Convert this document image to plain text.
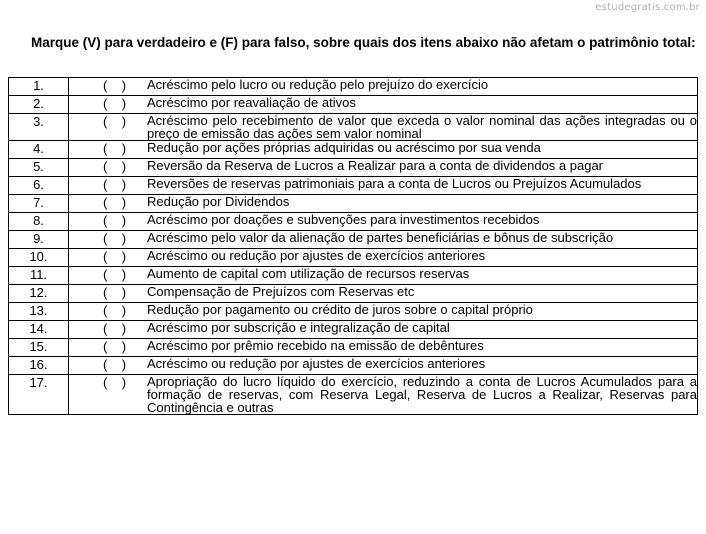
estudegratis.com.br
Marque (V) para verdadeiro e (F) para falso, sobre quais dos itens abaixo não afetam o patrimônio total:
1.	(    ) Acréscimo pelo lucro ou redução pelo prejuízo do exercício

2.	(    ) Acréscimo por reavaliação de ativos

3.	(    ) Acréscimo pelo recebimento de valor que exceda o valor nominal das ações integradas ou o preço de emissão das ações sem valor nominal

4.	(    ) Redução por ações próprias adquiridas ou acréscimo por sua venda

5.	(    ) Reversão da Reserva de Lucros a Realizar para a conta de dividendos a pagar

6.	(    ) Reversões de reservas patrimoniais para a conta de Lucros ou Prejuízos Acumulados

7.	(    ) Redução por Dividendos

8.	(    ) Acréscimo por doações e subvenções para investimentos recebidos

9.	(    ) Acréscimo pelo valor da alienação de partes beneficiárias e bônus de subscrição

10.	(    ) Acréscimo ou redução por ajustes de exercícios anteriores

11.	(    ) Aumento de capital com utilização de recursos reservas

12.	(    ) Compensação de Prejuízos com Reservas etc

13.	(    ) Redução por pagamento ou crédito de juros sobre o capital próprio

14.	(    ) Acréscimo por subscrição e integralização de capital

15.	(    ) Acréscimo por prêmio recebido na emissão de debêntures

16.	(    ) Acréscimo ou redução por ajustes de exercícios anteriores

17.	(    ) Apropriação do lucro líquido do exercício, reduzindo a conta de Lucros Acumulados para a formação de reservas, com Reserva Legal, Reserva de Lucros a Realizar, Reservas para Contingência e outras
